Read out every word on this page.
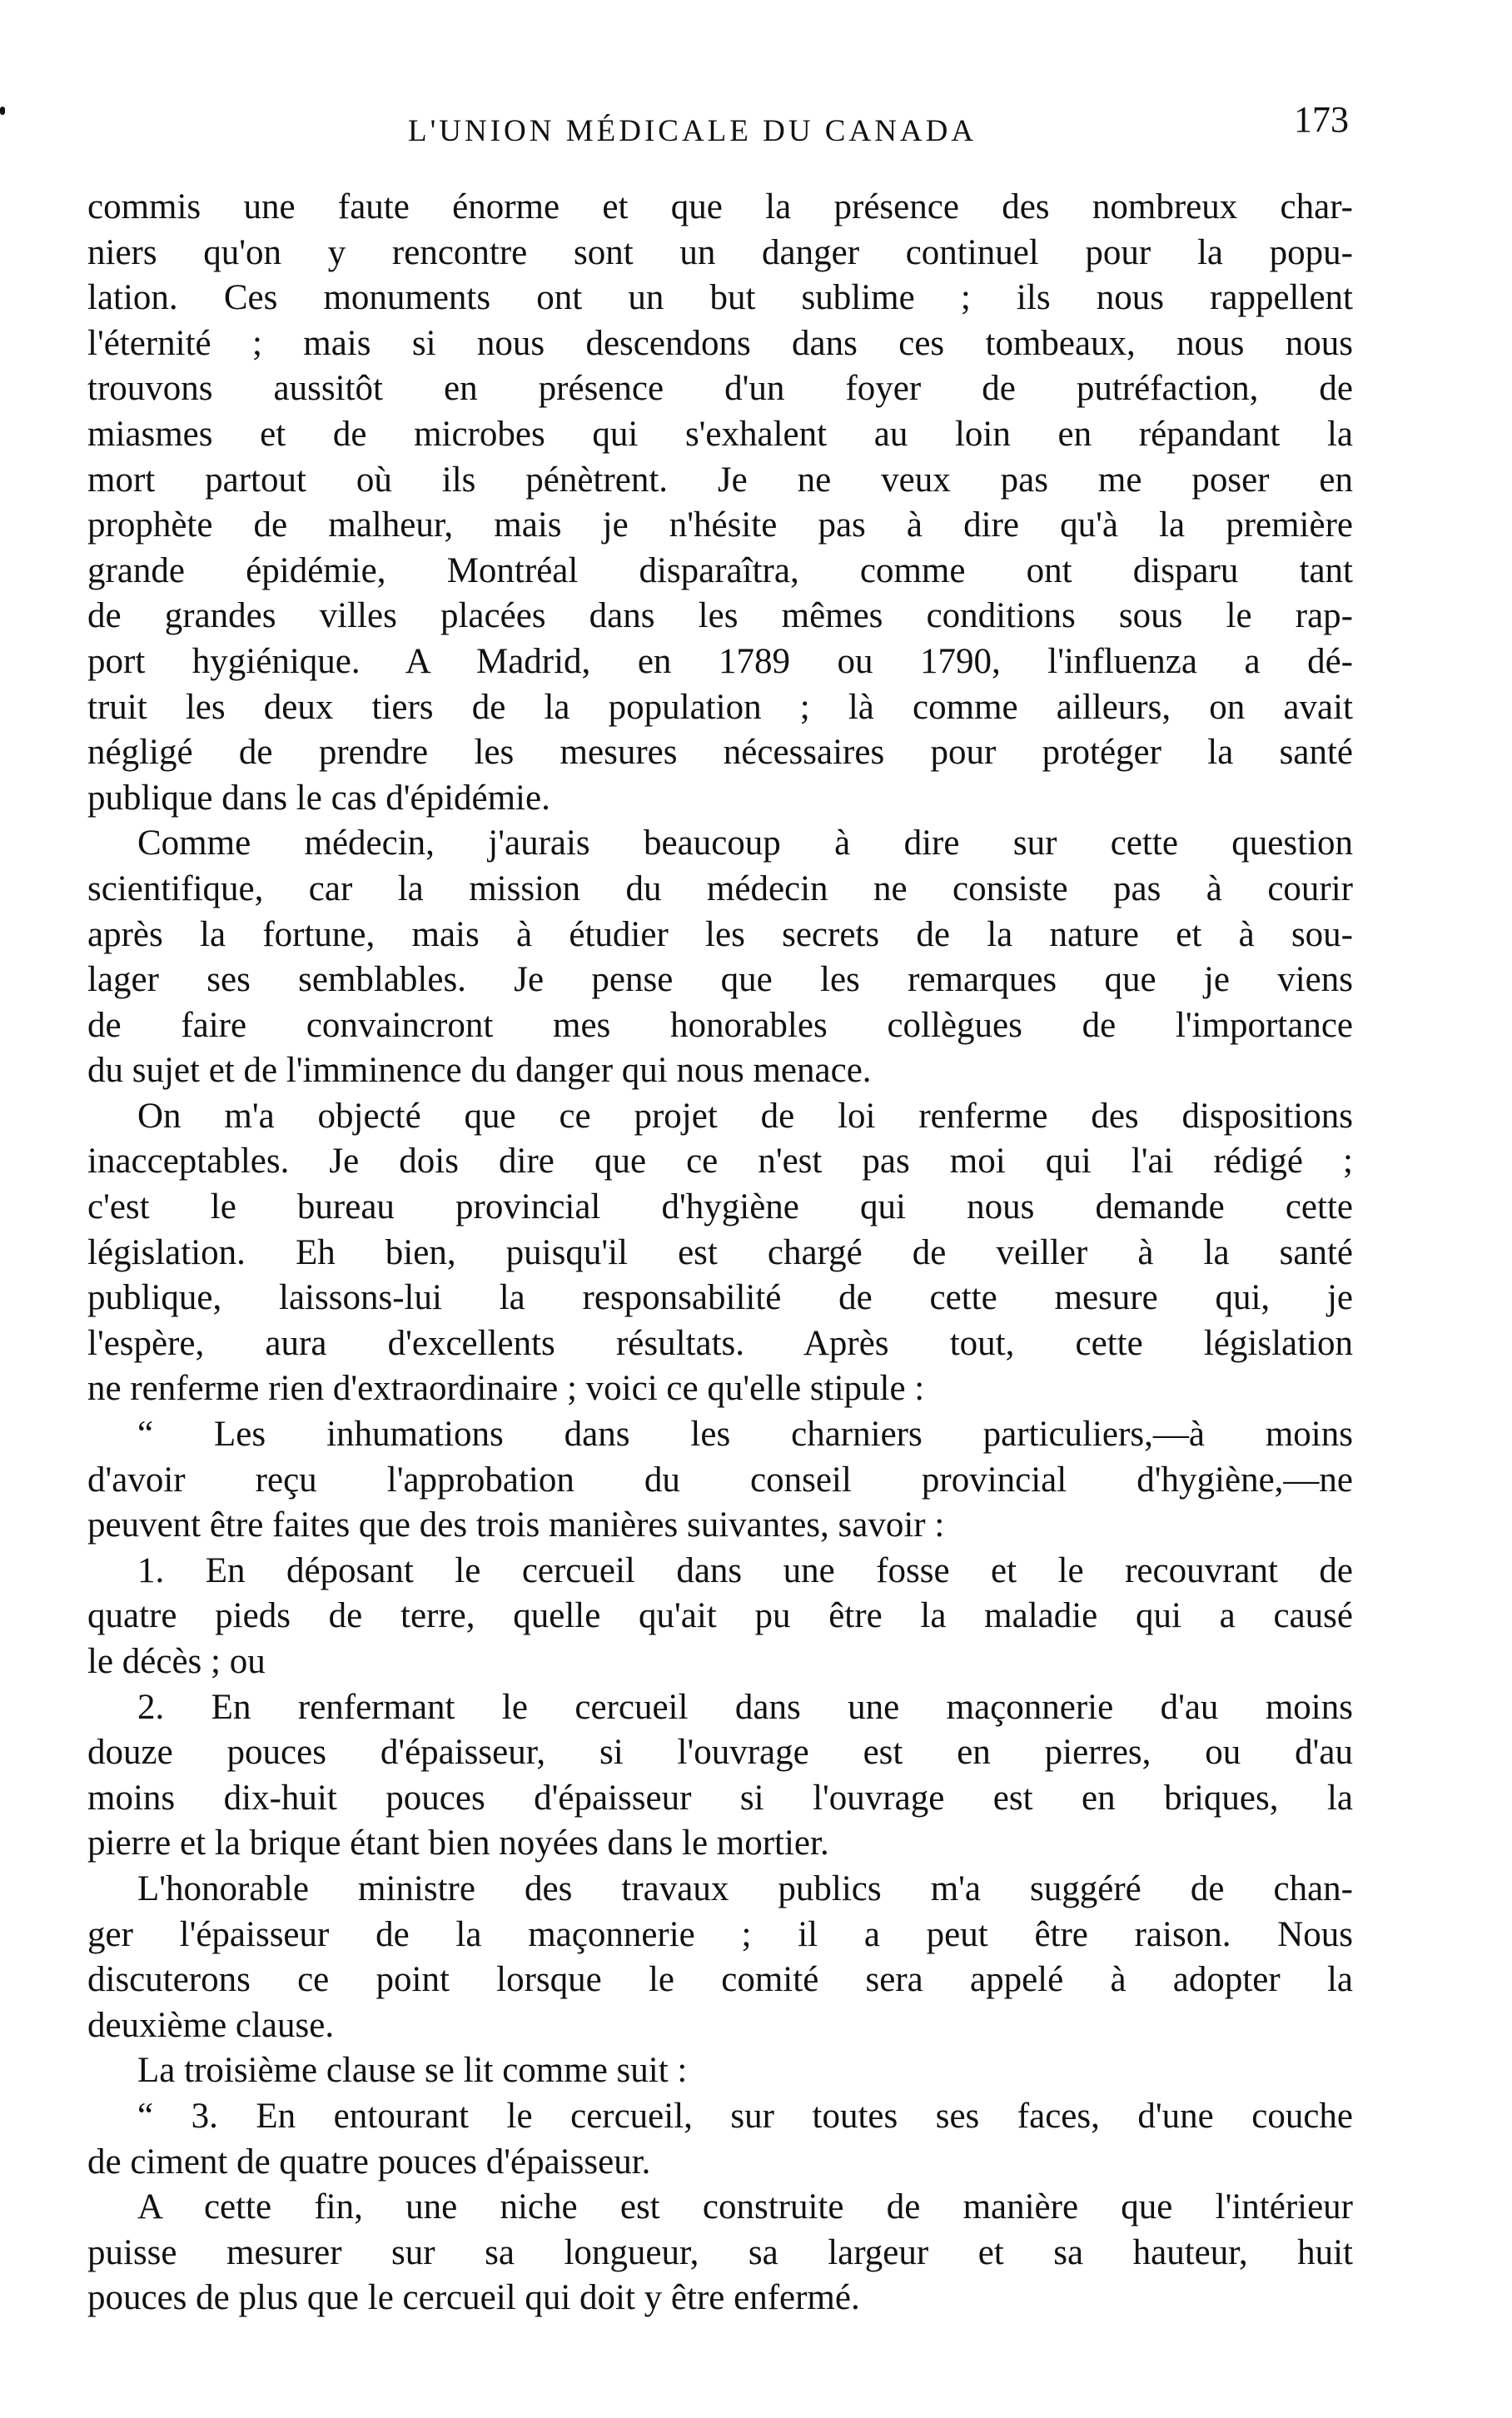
L'UNION MÉDICALE DU CANADA	173
commis une faute énorme et que la présence des nombreux char-
niers qu'on y rencontre sont un danger continuel pour la popu-
lation. Ces monuments ont un but sublime ; ils nous rappellent
l'éternité ; mais si nous descendons dans ces tombeaux, nous nous
trouvons aussitôt en présence d'un foyer de putréfaction, de
miasmes et de microbes qui s'exhalent au loin en répandant la
mort partout où ils pénètrent. Je ne veux pas me poser en
prophète de malheur, mais je n'hésite pas à dire qu'à la première
grande épidémie, Montréal disparaîtra, comme ont disparu tant
de grandes villes placées dans les mêmes conditions sous le rap-
port hygiénique. A Madrid, en 1789 ou 1790, l'influenza a dé-
truit les deux tiers de la population ; là comme ailleurs, on avait
négligé de prendre les mesures nécessaires pour protéger la santé
publique dans le cas d'épidémie.
Comme médecin, j'aurais beaucoup à dire sur cette question
scientifique, car la mission du médecin ne consiste pas à courir
après la fortune, mais à étudier les secrets de la nature et à sou-
lager ses semblables. Je pense que les remarques que je viens
de faire convaincront mes honorables collègues de l'importance
du sujet et de l'imminence du danger qui nous menace.
On m'a objecté que ce projet de loi renferme des dispositions
inacceptables. Je dois dire que ce n'est pas moi qui l'ai rédigé ;
c'est le bureau provincial d'hygiène qui nous demande cette
législation. Eh bien, puisqu'il est chargé de veiller à la santé
publique, laissons-lui la responsabilité de cette mesure qui, je
l'espère, aura d'excellents résultats. Après tout, cette législation
ne renferme rien d'extraordinaire ; voici ce qu'elle stipule :
“ Les inhumations dans les charniers particuliers,—à moins
d'avoir reçu l'approbation du conseil provincial d'hygiène,—ne
peuvent être faites que des trois manières suivantes, savoir :
1. En déposant le cercueil dans une fosse et le recouvrant de
quatre pieds de terre, quelle qu'ait pu être la maladie qui a causé
le décès ; ou
2. En renfermant le cercueil dans une maçonnerie d'au moins
douze pouces d'épaisseur, si l'ouvrage est en pierres, ou d'au
moins dix-huit pouces d'épaisseur si l'ouvrage est en briques, la
pierre et la brique étant bien noyées dans le mortier.
L'honorable ministre des travaux publics m'a suggéré de chan-
ger l'épaisseur de la maçonnerie ; il a peut être raison. Nous
discuterons ce point lorsque le comité sera appelé à adopter la
deuxième clause.
La troisième clause se lit comme suit :
“ 3. En entourant le cercueil, sur toutes ses faces, d'une couche
de ciment de quatre pouces d'épaisseur.
A cette fin, une niche est construite de manière que l'intérieur
puisse mesurer sur sa longueur, sa largeur et sa hauteur, huit
pouces de plus que le cercueil qui doit y être enfermé.
